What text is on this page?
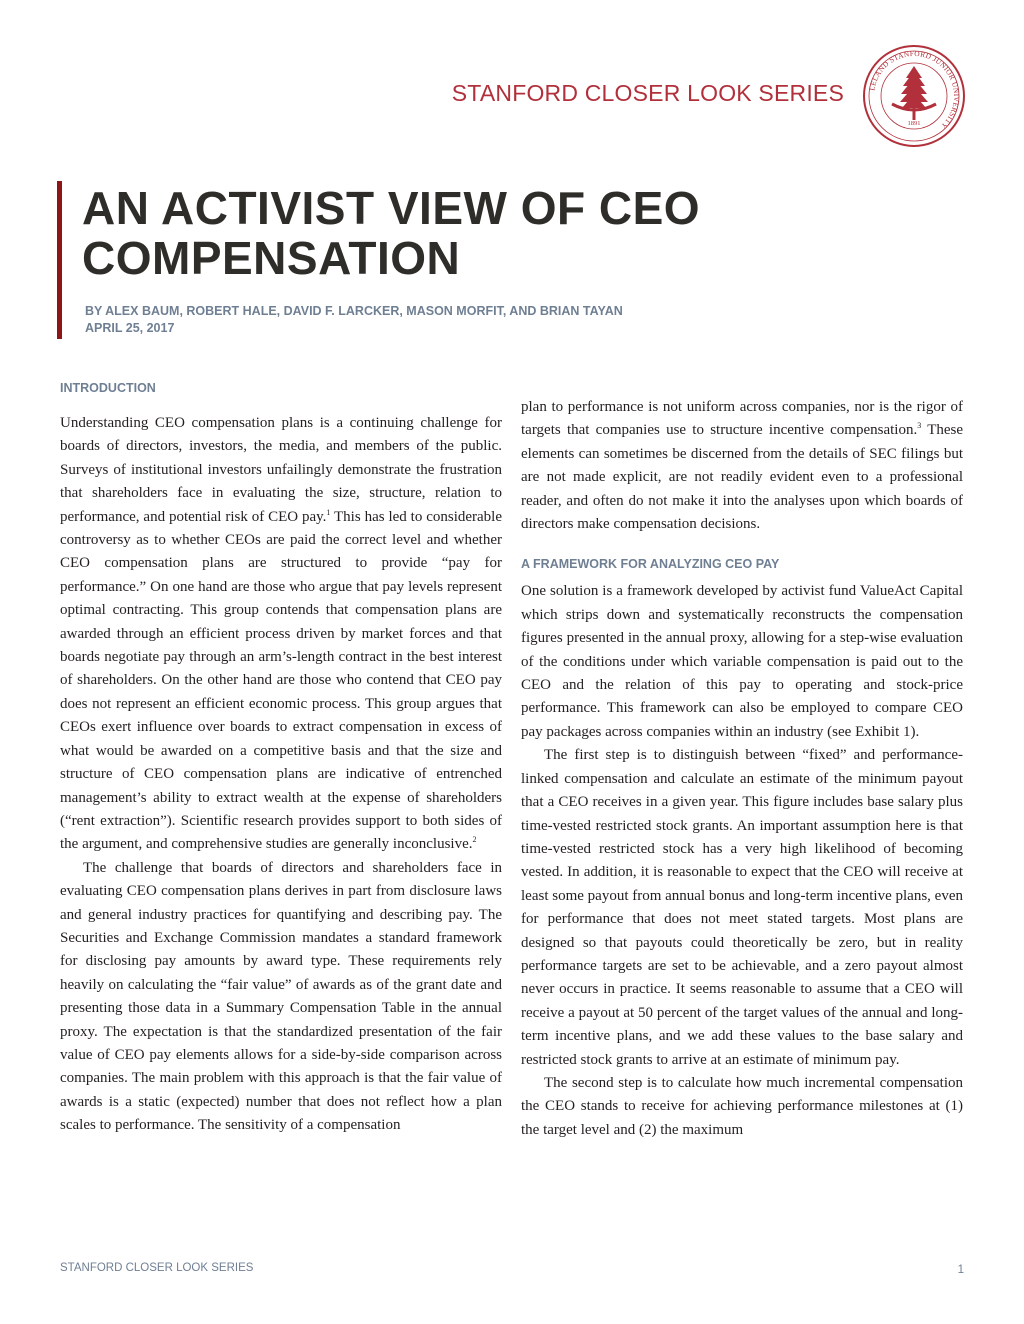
STANFORD CLOSER LOOK SERIES	LELAND STANFORD JUNIOR UNIVERSITY
1891
AN ACTIVIST VIEW OF CEO COMPENSATION
BY ALEX BAUM, ROBERT HALE, DAVID F. LARCKER, MASON MORFIT, AND BRIAN TAYAN
APRIL 25, 2017
INTRODUCTION

Understanding CEO compensation plans is a continuing challenge for boards of directors, investors, the media, and members of the public. Surveys of institutional investors unfailingly demonstrate the frustration that shareholders face in evaluating the size, structure, relation to performance, and potential risk of CEO pay.$^1$ This has led to considerable controversy as to whether CEOs are paid the correct level and whether CEO compensation plans are structured to provide “pay for performance.” On one hand are those who argue that pay levels represent optimal contracting. This group contends that compensation plans are awarded through an efficient process driven by market forces and that boards negotiate pay through an arm’s-length contract in the best interest of shareholders. On the other hand are those who contend that CEO pay does not represent an efficient economic process. This group argues that CEOs exert influence over boards to extract compensation in excess of what would be awarded on a competitive basis and that the size and structure of CEO compensation plans are indicative of entrenched management’s ability to extract wealth at the expense of shareholders (“rent extraction”). Scientific research provides support to both sides of the argument, and comprehensive studies are generally inconclusive.$^2$

The challenge that boards of directors and shareholders face in evaluating CEO compensation plans derives in part from disclosure laws and general industry practices for quantifying and describing pay. The Securities and Exchange Commission mandates a standard framework for disclosing pay amounts by award type. These requirements rely heavily on calculating the “fair value” of awards as of the grant date and presenting those data in a Summary Compensation Table in the annual proxy. The expectation is that the standardized presentation of the fair value of CEO pay elements allows for a side-by-side comparison across companies. The main problem with this approach is that the fair value of awards is a static (expected) number that does not reflect how a plan scales to performance. The sensitivity of a compensation

plan to performance is not uniform across companies, nor is the rigor of targets that companies use to structure incentive compensation.$^3$ These elements can sometimes be discerned from the details of SEC filings but are not made explicit, are not readily evident even to a professional reader, and often do not make it into the analyses upon which boards of directors make compensation decisions.

A FRAMEWORK FOR ANALYZING CEO PAY

One solution is a framework developed by activist fund ValueAct Capital which strips down and systematically reconstructs the compensation figures presented in the annual proxy, allowing for a step-wise evaluation of the conditions under which variable compensation is paid out to the CEO and the relation of this pay to operating and stock-price performance. This framework can also be employed to compare CEO pay packages across companies within an industry (see Exhibit 1).

The first step is to distinguish between “fixed” and performance-linked compensation and calculate an estimate of the minimum payout that a CEO receives in a given year. This figure includes base salary plus time-vested restricted stock grants. An important assumption here is that time-vested restricted stock has a very high likelihood of becoming vested. In addition, it is reasonable to expect that the CEO will receive at least some payout from annual bonus and long-term incentive plans, even for performance that does not meet stated targets. Most plans are designed so that payouts could theoretically be zero, but in reality performance targets are set to be achievable, and a zero payout almost never occurs in practice. It seems reasonable to assume that a CEO will receive a payout at 50 percent of the target values of the annual and long-term incentive plans, and we add these values to the base salary and restricted stock grants to arrive at an estimate of minimum pay.

The second step is to calculate how much incremental compensation the CEO stands to receive for achieving performance milestones at (1) the target level and (2) the maximum

STANFORD CLOSER LOOK SERIES	1
